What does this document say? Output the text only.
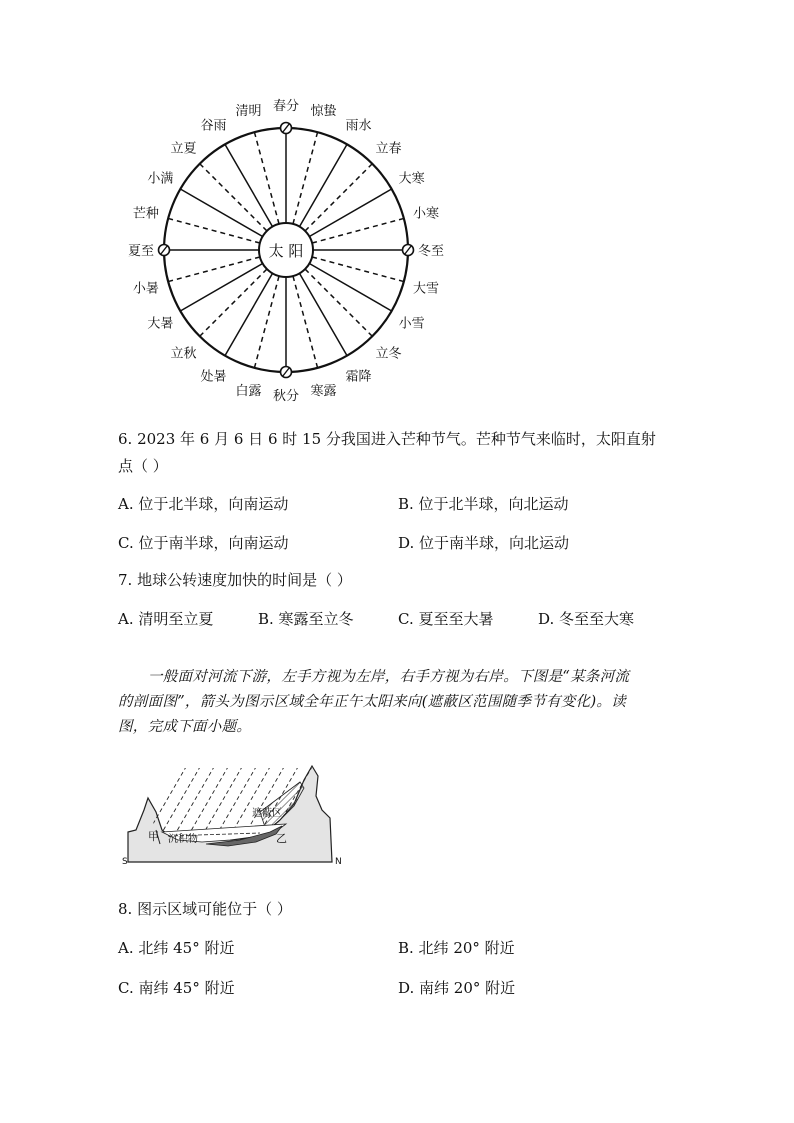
太 阳
春分 惊蛰
雨水
立春
大寒
小寒
冬至
大雪
小雪
立冬
霜降
寒露
秋分
白露
处暑
立秋
大暑
小暑
夏至
芒种
小满
立夏
谷雨
清明
6. 2023 年 6 月 6 日 6 时 15 分我国进入芒种节气。芒种节气来临时，太阳直射
点（ ）
A. 位于北半球，向南运动	B. 位于北半球，向北运动
C. 位于南半球，向南运动	D. 位于南半球，向北运动
7. 地球公转速度加快的时间是（ ）
A. 清明至立夏	B. 寒露至立冬	C. 夏至至大暑	D. 冬至至大寒
一般面对河流下游，左手方视为左岸，右手方视为右岸。下图是“某条河流
的剖面图”，箭头为图示区域全年正午太阳来向(遮蔽区范围随季节有变化)。读
图，完成下面小题。
遮蔽区
沉积物
甲	乙
S	N
8. 图示区域可能位于（ ）
A. 北纬 45° 附近	B. 北纬 20° 附近
C. 南纬 45° 附近	D. 南纬 20° 附近
